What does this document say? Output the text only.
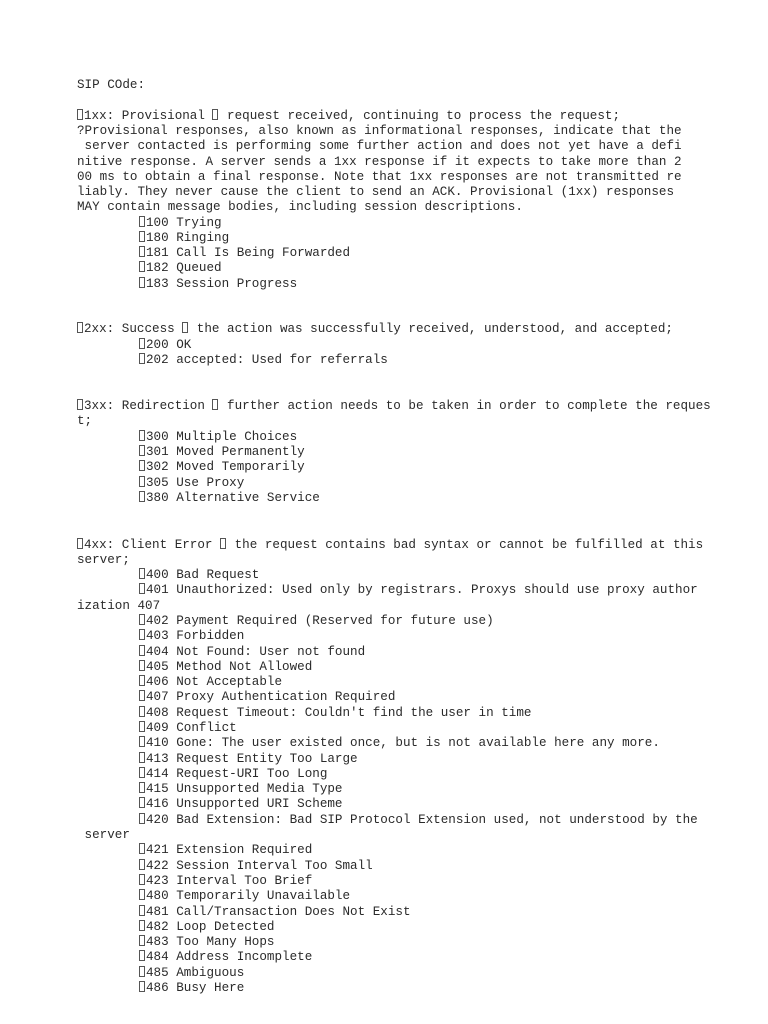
SIP COde:

1xx: Provisional  request received, continuing to process the request;

?Provisional responses, also known as informational responses, indicate that the

server contacted is performing some further action and does not yet have a defi

nitive response. A server sends a 1xx response if it expects to take more than 2

00 ms to obtain a final response. Note that 1xx responses are not transmitted re

liably. They never cause the client to send an ACK. Provisional (1xx) responses

MAY contain message bodies, including session descriptions.

100 Trying

180 Ringing

181 Call Is Being Forwarded

182 Queued

183 Session Progress

2xx: Success  the action was successfully received, understood, and accepted;

200 OK

202 accepted: Used for referrals

3xx: Redirection  further action needs to be taken in order to complete the reques

t;

300 Multiple Choices

301 Moved Permanently

302 Moved Temporarily

305 Use Proxy

380 Alternative Service

4xx: Client Error  the request contains bad syntax or cannot be fulfilled at this

server;

400 Bad Request

401 Unauthorized: Used only by registrars. Proxys should use proxy author

ization 407

402 Payment Required (Reserved for future use)

403 Forbidden

404 Not Found: User not found

405 Method Not Allowed

406 Not Acceptable

407 Proxy Authentication Required

408 Request Timeout: Couldn't find the user in time

409 Conflict

410 Gone: The user existed once, but is not available here any more.

413 Request Entity Too Large

414 Request-URI Too Long

415 Unsupported Media Type

416 Unsupported URI Scheme

420 Bad Extension: Bad SIP Protocol Extension used, not understood by the

server

421 Extension Required

422 Session Interval Too Small

423 Interval Too Brief

480 Temporarily Unavailable

481 Call/Transaction Does Not Exist

482 Loop Detected

483 Too Many Hops

484 Address Incomplete

485 Ambiguous

486 Busy Here
